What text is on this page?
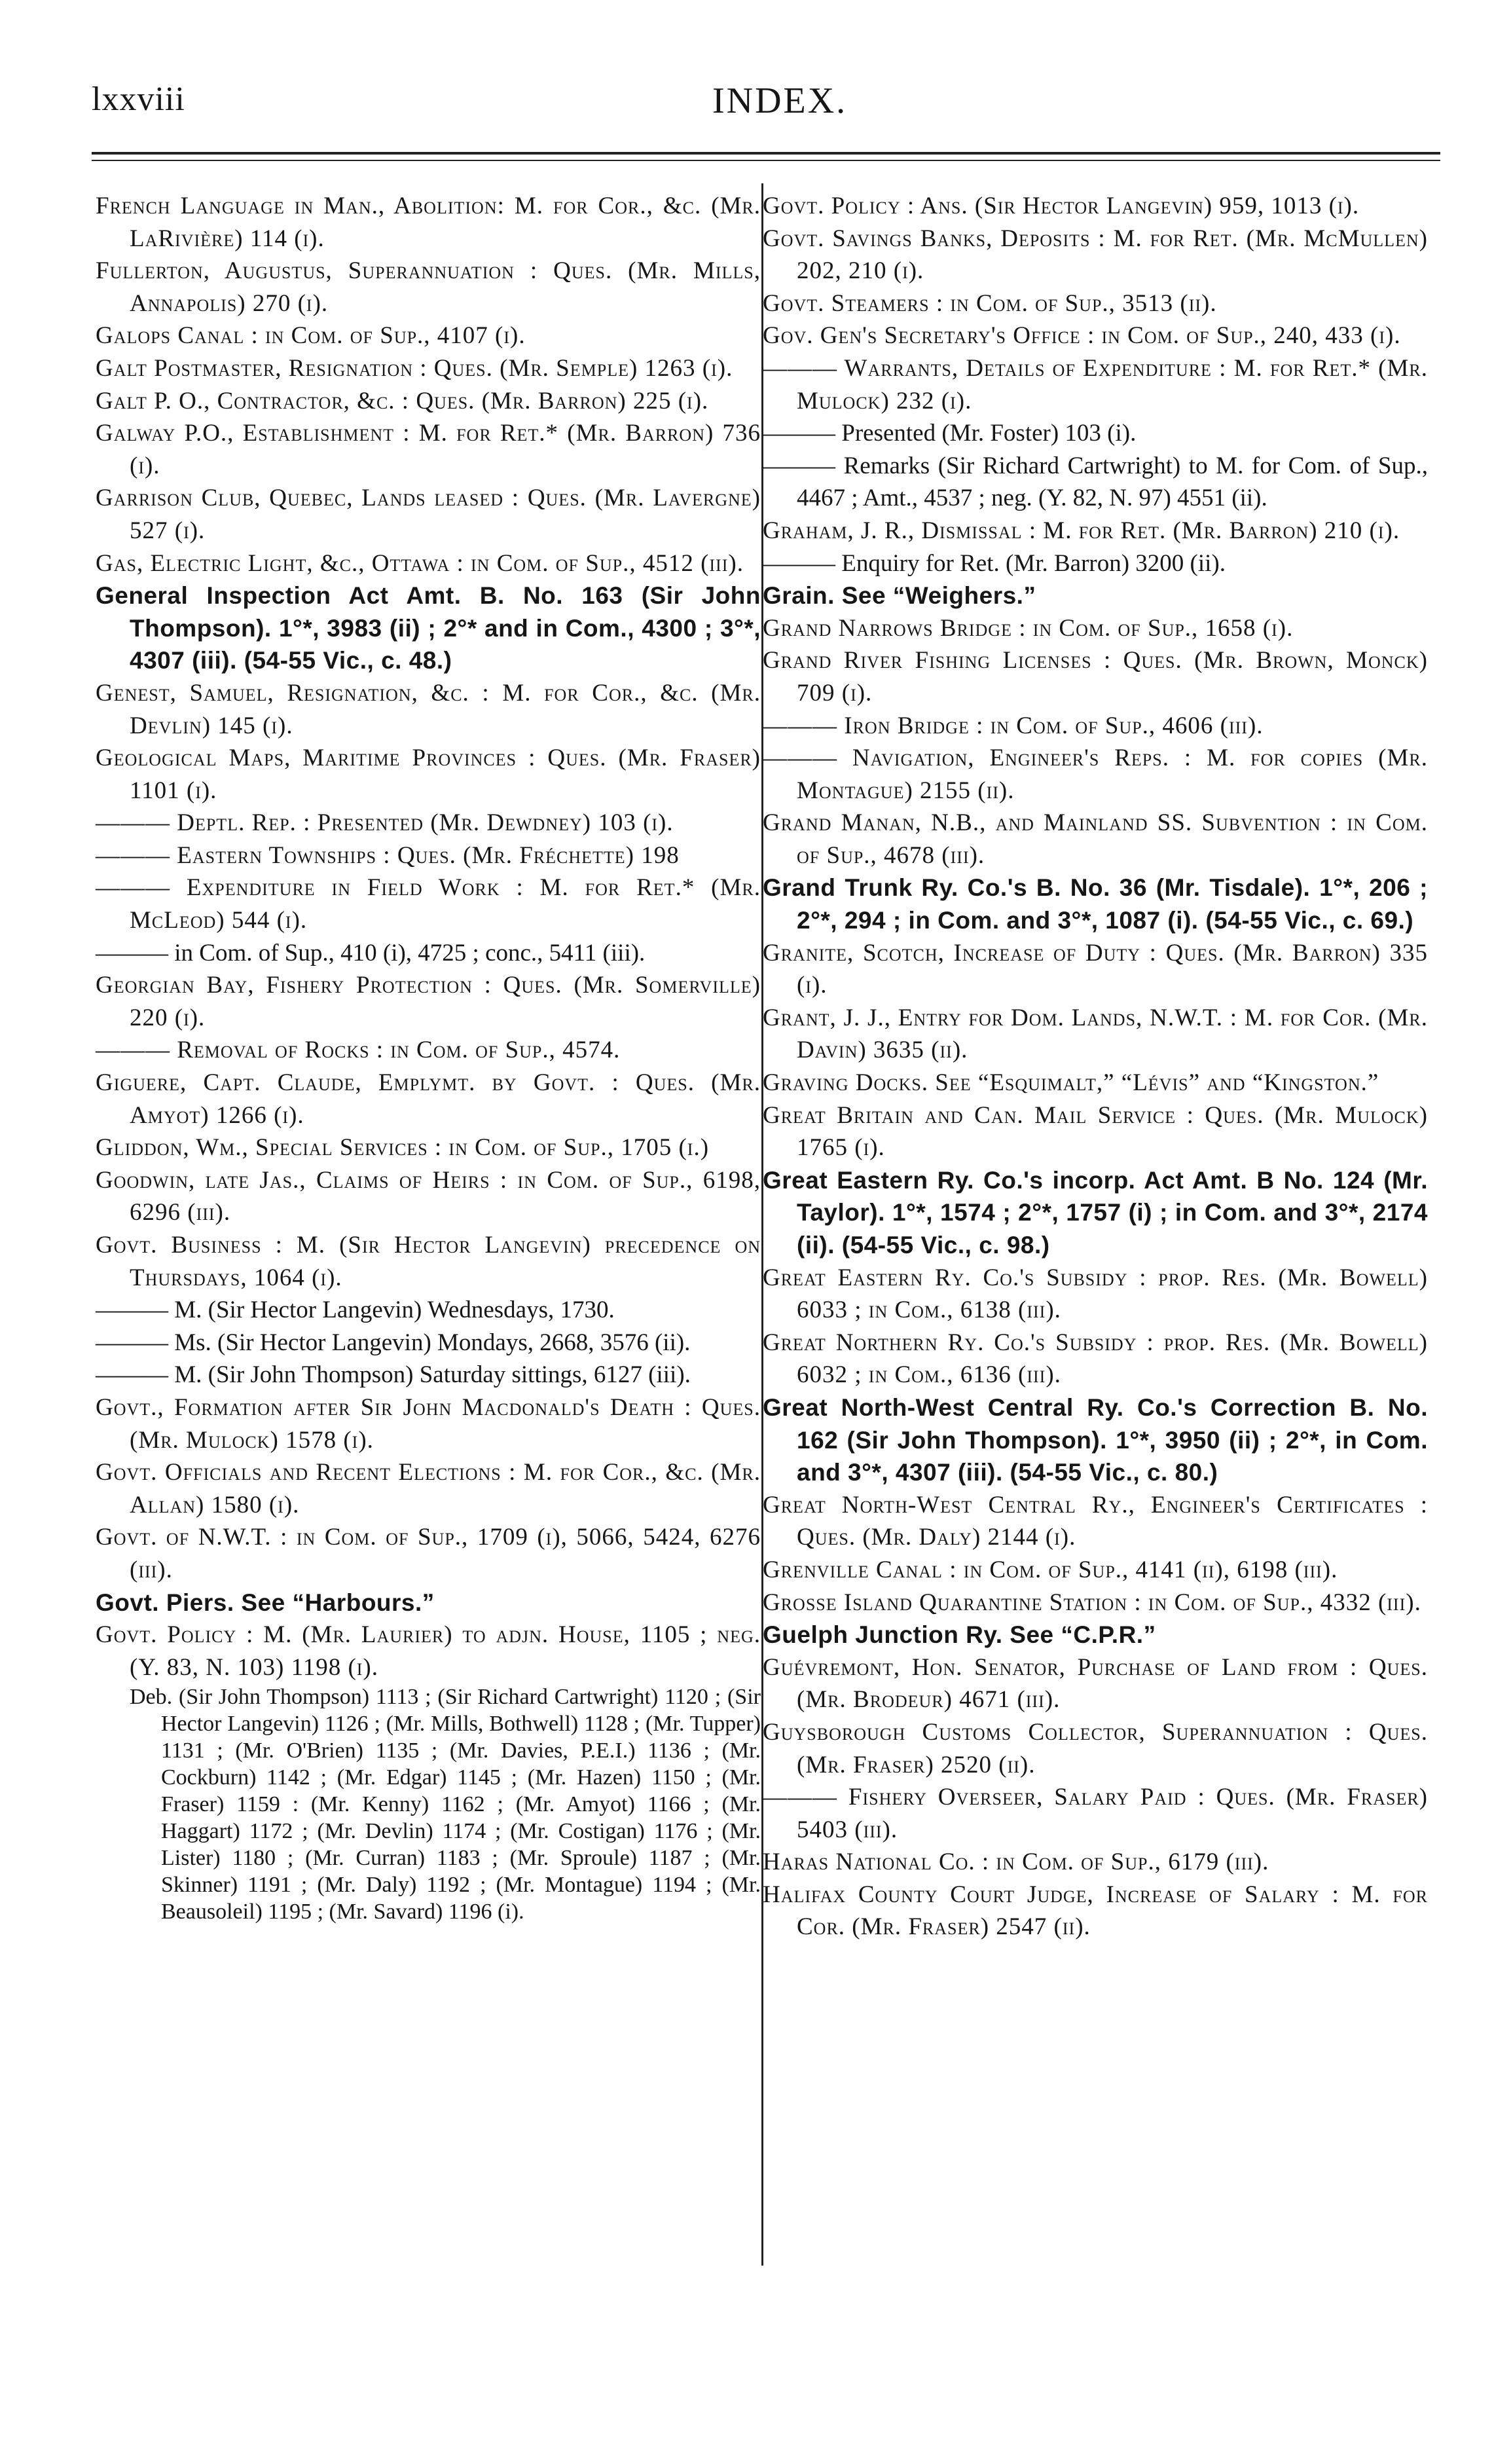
lxxviii	INDEX.

French Language in Man., Abolition: M. for Cor., &c. (Mr. LaRivière) 114 (i).

Fullerton, Augustus, Superannuation : Ques. (Mr. Mills, Annapolis) 270 (i).

Galops Canal : in Com. of Sup., 4107 (i).

Galt Postmaster, Resignation : Ques. (Mr. Semple) 1263 (i).

Galt P. O., Contractor, &c. : Ques. (Mr. Barron) 225 (i).

Galway P.O., Establishment : M. for Ret.* (Mr. Barron) 736 (i).

Garrison Club, Quebec, Lands leased : Ques. (Mr. Lavergne) 527 (i).

Gas, Electric Light, &c., Ottawa : in Com. of Sup., 4512 (iii).

General Inspection Act Amt. B. No. 163 (Sir John Thompson). 1°*, 3983 (ii) ; 2°* and in Com., 4300 ; 3°*, 4307 (iii). (54-55 Vic., c. 48.)

Genest, Samuel, Resignation, &c. : M. for Cor., &c. (Mr. Devlin) 145 (i).

Geological Maps, Maritime Provinces : Ques. (Mr. Fraser) 1101 (i).

——— Deptl. Rep. : Presented (Mr. Dewdney) 103 (i).

——— Eastern Townships : Ques. (Mr. Fréchette) 198

——— Expenditure in Field Work : M. for Ret.* (Mr. McLeod) 544 (i).

——— in Com. of Sup., 410 (i), 4725 ; conc., 5411 (iii).

Georgian Bay, Fishery Protection : Ques. (Mr. Somerville) 220 (i).

——— Removal of Rocks : in Com. of Sup., 4574.

Giguere, Capt. Claude, Emplymt. by Govt. : Ques. (Mr. Amyot) 1266 (i).

Gliddon, Wm., Special Services : in Com. of Sup., 1705 (i.)

Goodwin, late Jas., Claims of Heirs : in Com. of Sup., 6198, 6296 (iii).

Govt. Business : M. (Sir Hector Langevin) precedence on Thursdays, 1064 (i).

——— M. (Sir Hector Langevin) Wednesdays, 1730.

——— Ms. (Sir Hector Langevin) Mondays, 2668, 3576 (ii).

——— M. (Sir John Thompson) Saturday sittings, 6127 (iii).

Govt., Formation after Sir John Macdonald's Death : Ques. (Mr. Mulock) 1578 (i).

Govt. Officials and Recent Elections : M. for Cor., &c. (Mr. Allan) 1580 (i).

Govt. of N.W.T. : in Com. of Sup., 1709 (i), 5066, 5424, 6276 (iii).

Govt. Piers. See “Harbours.”

Govt. Policy : M. (Mr. Laurier) to adjn. House, 1105 ; neg. (Y. 83, N. 103) 1198 (i).

Deb. (Sir John Thompson) 1113 ; (Sir Richard Cartwright) 1120 ; (Sir Hector Langevin) 1126 ; (Mr. Mills, Bothwell) 1128 ; (Mr. Tupper) 1131 ; (Mr. O'Brien) 1135 ; (Mr. Davies, P.E.I.) 1136 ; (Mr. Cockburn) 1142 ; (Mr. Edgar) 1145 ; (Mr. Hazen) 1150 ; (Mr. Fraser) 1159 : (Mr. Kenny) 1162 ; (Mr. Amyot) 1166 ; (Mr. Haggart) 1172 ; (Mr. Devlin) 1174 ; (Mr. Costigan) 1176 ; (Mr. Lister) 1180 ; (Mr. Curran) 1183 ; (Mr. Sproule) 1187 ; (Mr. Skinner) 1191 ; (Mr. Daly) 1192 ; (Mr. Montague) 1194 ; (Mr. Beausoleil) 1195 ; (Mr. Savard) 1196 (i).

Govt. Policy : Ans. (Sir Hector Langevin) 959, 1013 (i).

Govt. Savings Banks, Deposits : M. for Ret. (Mr. McMullen) 202, 210 (i).

Govt. Steamers : in Com. of Sup., 3513 (ii).

Gov. Gen's Secretary's Office : in Com. of Sup., 240, 433 (i).

——— Warrants, Details of Expenditure : M. for Ret.* (Mr. Mulock) 232 (i).

——— Presented (Mr. Foster) 103 (i).

——— Remarks (Sir Richard Cartwright) to M. for Com. of Sup., 4467 ; Amt., 4537 ; neg. (Y. 82, N. 97) 4551 (ii).

Graham, J. R., Dismissal : M. for Ret. (Mr. Barron) 210 (i).

——— Enquiry for Ret. (Mr. Barron) 3200 (ii).

Grain. See “Weighers.”

Grand Narrows Bridge : in Com. of Sup., 1658 (i).

Grand River Fishing Licenses : Ques. (Mr. Brown, Monck) 709 (i).

——— Iron Bridge : in Com. of Sup., 4606 (iii).

——— Navigation, Engineer's Reps. : M. for copies (Mr. Montague) 2155 (ii).

Grand Manan, N.B., and Mainland SS. Subvention : in Com. of Sup., 4678 (iii).

Grand Trunk Ry. Co.'s B. No. 36 (Mr. Tisdale). 1°*, 206 ; 2°*, 294 ; in Com. and 3°*, 1087 (i). (54-55 Vic., c. 69.)

Granite, Scotch, Increase of Duty : Ques. (Mr. Barron) 335 (i).

Grant, J. J., Entry for Dom. Lands, N.W.T. : M. for Cor. (Mr. Davin) 3635 (ii).

Graving Docks. See “Esquimalt,” “Lévis” and “Kingston.”

Great Britain and Can. Mail Service : Ques. (Mr. Mulock) 1765 (i).

Great Eastern Ry. Co.'s incorp. Act Amt. B No. 124 (Mr. Taylor). 1°*, 1574 ; 2°*, 1757 (i) ; in Com. and 3°*, 2174 (ii). (54-55 Vic., c. 98.)

Great Eastern Ry. Co.'s Subsidy : prop. Res. (Mr. Bowell) 6033 ; in Com., 6138 (iii).

Great Northern Ry. Co.'s Subsidy : prop. Res. (Mr. Bowell) 6032 ; in Com., 6136 (iii).

Great North-West Central Ry. Co.'s Correction B. No. 162 (Sir John Thompson). 1°*, 3950 (ii) ; 2°*, in Com. and 3°*, 4307 (iii). (54-55 Vic., c. 80.)

Great North-West Central Ry., Engineer's Certificates : Ques. (Mr. Daly) 2144 (i).

Grenville Canal : in Com. of Sup., 4141 (ii), 6198 (iii).

Grosse Island Quarantine Station : in Com. of Sup., 4332 (iii).

Guelph Junction Ry. See “C.P.R.”

Guévremont, Hon. Senator, Purchase of Land from : Ques. (Mr. Brodeur) 4671 (iii).

Guysborough Customs Collector, Superannuation : Ques. (Mr. Fraser) 2520 (ii).

——— Fishery Overseer, Salary Paid : Ques. (Mr. Fraser) 5403 (iii).

Haras National Co. : in Com. of Sup., 6179 (iii).

Halifax County Court Judge, Increase of Salary : M. for Cor. (Mr. Fraser) 2547 (ii).
